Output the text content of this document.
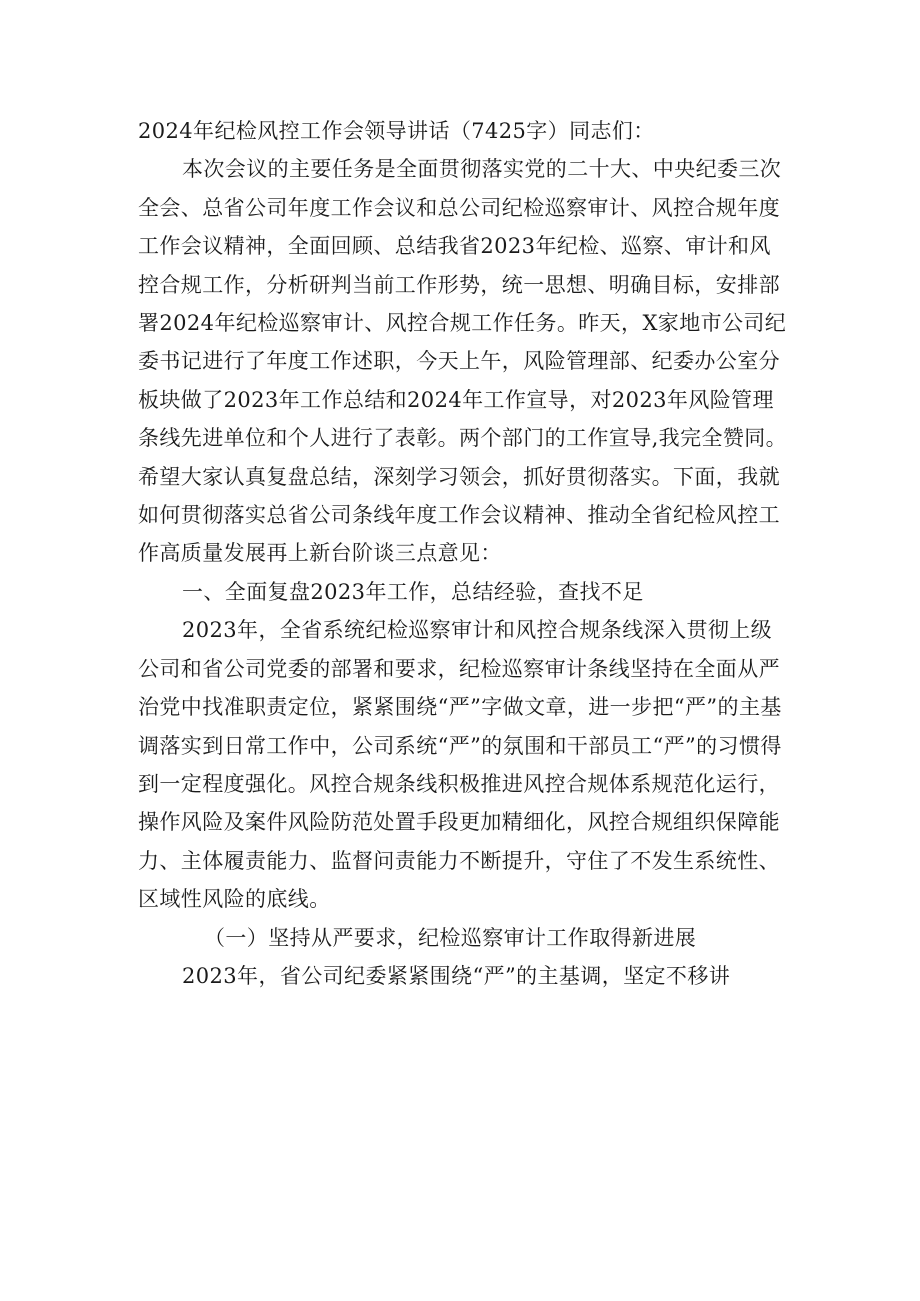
2024年纪检风控工作会领导讲话（7425字）同志们：

本次会议的主要任务是全面贯彻落实党的二十大、中央纪委三次全会、总省公司年度工作会议和总公司纪检巡察审计、风控合规年度工作会议精神，全面回顾、总结我省2023年纪检、巡察、审计和风控合规工作，分析研判当前工作形势，统一思想、明确目标，安排部署2024年纪检巡察审计、风控合规工作任务。昨天，X家地市公司纪委书记进行了年度工作述职，今天上午，风险管理部、纪委办公室分板块做了2023年工作总结和2024年工作宣导，对2023年风险管理条线先进单位和个人进行了表彰。两个部门的工作宣导,我完全赞同。希望大家认真复盘总结，深刻学习领会，抓好贯彻落实。下面，我就如何贯彻落实总省公司条线年度工作会议精神、推动全省纪检风控工作高质量发展再上新台阶谈三点意见：

一、全面复盘2023年工作，总结经验，查找不足

2023年，全省系统纪检巡察审计和风控合规条线深入贯彻上级公司和省公司党委的部署和要求，纪检巡察审计条线坚持在全面从严治党中找准职责定位，紧紧围绕“严”字做文章，进一步把“严”的主基调落实到日常工作中，公司系统“严”的氛围和干部员工“严”的习惯得到一定程度强化。风控合规条线积极推进风控合规体系规范化运行，操作风险及案件风险防范处置手段更加精细化，风控合规组织保障能力、主体履责能力、监督问责能力不断提升，守住了不发生系统性、区域性风险的底线。

（一）坚持从严要求，纪检巡察审计工作取得新进展

2023年，省公司纪委紧紧围绕“严”的主基调，坚定不移讲
